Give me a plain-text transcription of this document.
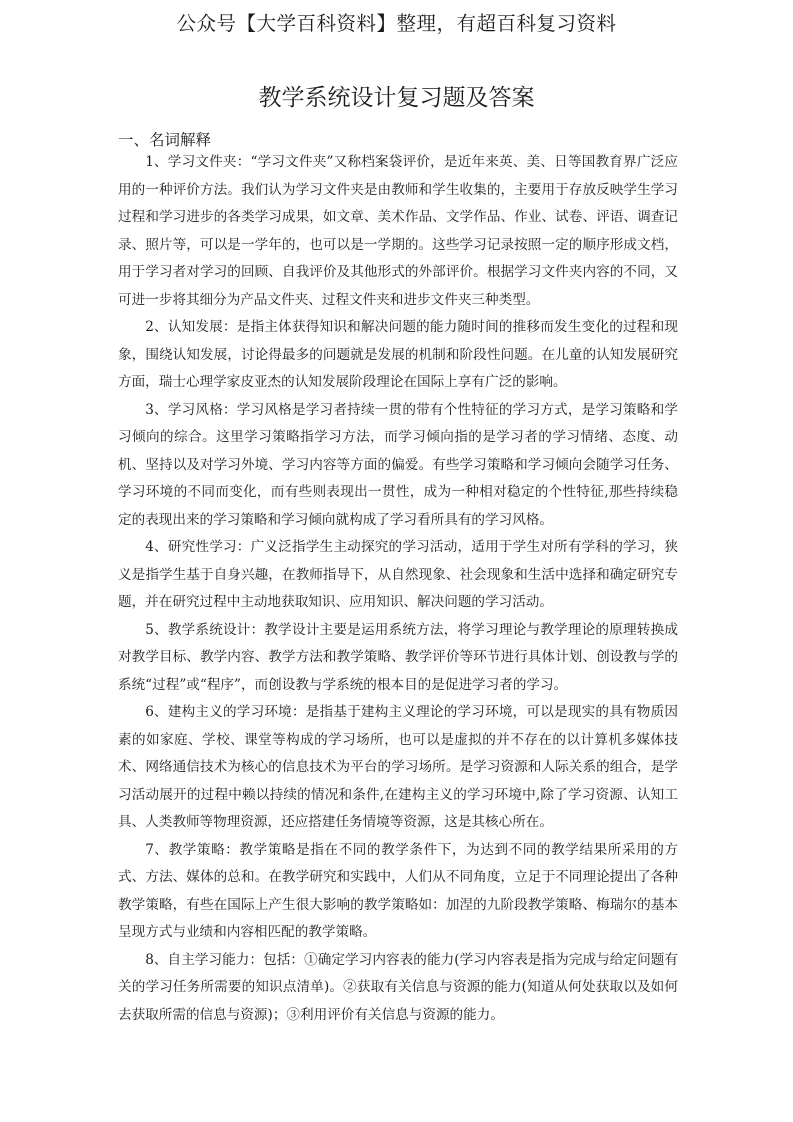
公众号【大学百科资料】整理，有超百科复习资料
教学系统设计复习题及答案
一、名词解释

1、学习文件夹：“学习文件夹”又称档案袋评价，是近年来英、美、日等国教育界广泛应用的一种评价方法。我们认为学习文件夹是由教师和学生收集的，主要用于存放反映学生学习过程和学习进步的各类学习成果，如文章、美术作品、文学作品、作业、试卷、评语、调查记录、照片等，可以是一学年的，也可以是一学期的。这些学习记录按照一定的顺序形成文档，用于学习者对学习的回顾、自我评价及其他形式的外部评价。根据学习文件夹内容的不同，又可进一步将其细分为产品文件夹、过程文件夹和进步文件夹三种类型。

2、认知发展：是指主体获得知识和解决问题的能力随时间的推移而发生变化的过程和现象，围绕认知发展，讨论得最多的问题就是发展的机制和阶段性问题。在儿童的认知发展研究方面，瑞士心理学家皮亚杰的认知发展阶段理论在国际上享有广泛的影响。

3、学习风格：学习风格是学习者持续一贯的带有个性特征的学习方式，是学习策略和学习倾向的综合。这里学习策略指学习方法，而学习倾向指的是学习者的学习情绪、态度、动机、坚持以及对学习外境、学习内容等方面的偏爱。有些学习策略和学习倾向会随学习任务、学习环境的不同而变化，而有些则表现出一贯性，成为一种相对稳定的个性特征,那些持续稳定的表现出来的学习策略和学习倾向就构成了学习看所具有的学习风格。

4、研究性学习：广义泛指学生主动探究的学习活动，适用于学生对所有学科的学习，狭义是指学生基于自身兴趣，在教师指导下，从自然现象、社会现象和生活中选择和确定研究专题，并在研究过程中主动地获取知识、应用知识、解决问题的学习活动。

5、教学系统设计：教学设计主要是运用系统方法，将学习理论与教学理论的原理转换成对教学目标、教学内容、教学方法和教学策略、教学评价等环节进行具体计划、创设教与学的系统“过程”或“程序”，而创设教与学系统的根本目的是促进学习者的学习。

6、建构主义的学习环境：是指基于建构主义理论的学习环境，可以是现实的具有物质因素的如家庭、学校、课堂等构成的学习场所，也可以是虚拟的并不存在的以计算机多媒体技术、网络通信技术为核心的信息技术为平台的学习场所。是学习资源和人际关系的组合，是学习活动展开的过程中赖以持续的情况和条件,在建构主义的学习环境中,除了学习资源、认知工具、人类教师等物理资源，还应搭建任务情境等资源，这是其核心所在。

7、教学策略：教学策略是指在不同的教学条件下，为达到不同的教学结果所采用的方式、方法、媒体的总和。在教学研究和实践中，人们从不同角度，立足于不同理论提出了各种教学策略，有些在国际上产生很大影响的教学策略如：加涅的九阶段教学策略、梅瑞尔的基本呈现方式与业绩和内容相匹配的教学策略。

8、自主学习能力：包括：①确定学习内容表的能力(学习内容表是指为完成与给定问题有关的学习任务所需要的知识点清单)。②获取有关信息与资源的能力(知道从何处获取以及如何去获取所需的信息与资源)；③利用评价有关信息与资源的能力。
